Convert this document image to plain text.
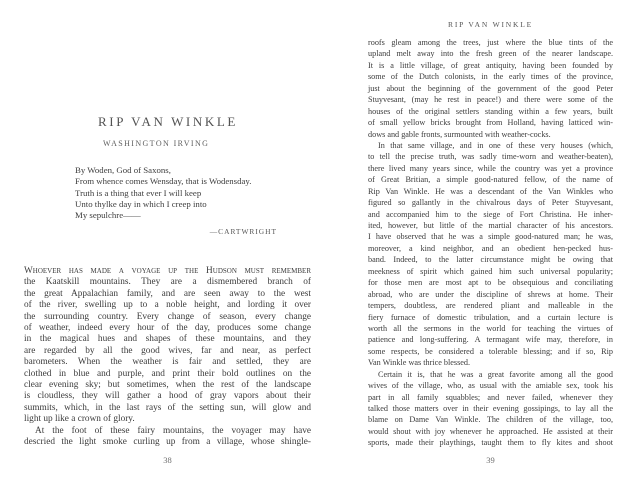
RIP VAN WINKLE
WASHINGTON IRVING
By Woden, God of Saxons,
From whence comes Wensday, that is Wodensday.
Truth is a thing that ever I will keep
Unto thylke day in which I creep into
My sepulchre——
—CARTWRIGHT
Whoever has made a voyage up the Hudson must remember
the Kaatskill mountains. They are a dismembered branch of
the great Appalachian family, and are seen away to the west
of the river, swelling up to a noble height, and lording it over
the surrounding country. Every change of season, every change
of weather, indeed every hour of the day, produces some change
in the magical hues and shapes of these mountains, and they
are regarded by all the good wives, far and near, as perfect
barometers. When the weather is fair and settled, they are
clothed in blue and purple, and print their bold outlines on the
clear evening sky; but sometimes, when the rest of the landscape
is cloudless, they will gather a hood of gray vapors about their
summits, which, in the last rays of the setting sun, will glow and
light up like a crown of glory.
At the foot of these fairy mountains, the voyager may have
descried the light smoke curling up from a village, whose shingle-
38
RIP VAN WINKLE
roofs gleam among the trees, just where the blue tints of the
upland melt away into the fresh green of the nearer landscape.
It is a little village, of great antiquity, having been founded by
some of the Dutch colonists, in the early times of the province,
just about the beginning of the government of the good Peter
Stuyvesant, (may he rest in peace!) and there were some of the
houses of the original settlers standing within a few years, built
of small yellow bricks brought from Holland, having latticed win-
dows and gable fronts, surmounted with weather-cocks.
In that same village, and in one of these very houses (which,
to tell the precise truth, was sadly time-worn and weather-beaten),
there lived many years since, while the country was yet a province
of Great Britian, a simple good-natured fellow, of the name of
Rip Van Winkle. He was a descendant of the Van Winkles who
figured so gallantly in the chivalrous days of Peter Stuyvesant,
and accompanied him to the siege of Fort Christina. He inher-
ited, however, but little of the martial character of his ancestors.
I have observed that he was a simple good-natured man; he was,
moreover, a kind neighbor, and an obedient hen-pecked hus-
band. Indeed, to the latter circumstance might be owing that
meekness of spirit which gained him such universal popularity;
for those men are most apt to be obsequious and conciliating
abroad, who are under the discipline of shrews at home. Their
tempers, doubtless, are rendered pliant and malleable in the
fiery furnace of domestic tribulation, and a curtain lecture is
worth all the sermons in the world for teaching the virtues of
patience and long-suffering. A termagant wife may, therefore, in
some respects, be considered a tolerable blessing; and if so, Rip
Van Winkle was thrice blessed.
Certain it is, that he was a great favorite among all the good
wives of the village, who, as usual with the amiable sex, took his
part in all family squabbles; and never failed, whenever they
talked those matters over in their evening gossipings, to lay all the
blame on Dame Van Winkle. The children of the village, too,
would shout with joy whenever he approached. He assisted at their
sports, made their playthings, taught them to fly kites and shoot
39
